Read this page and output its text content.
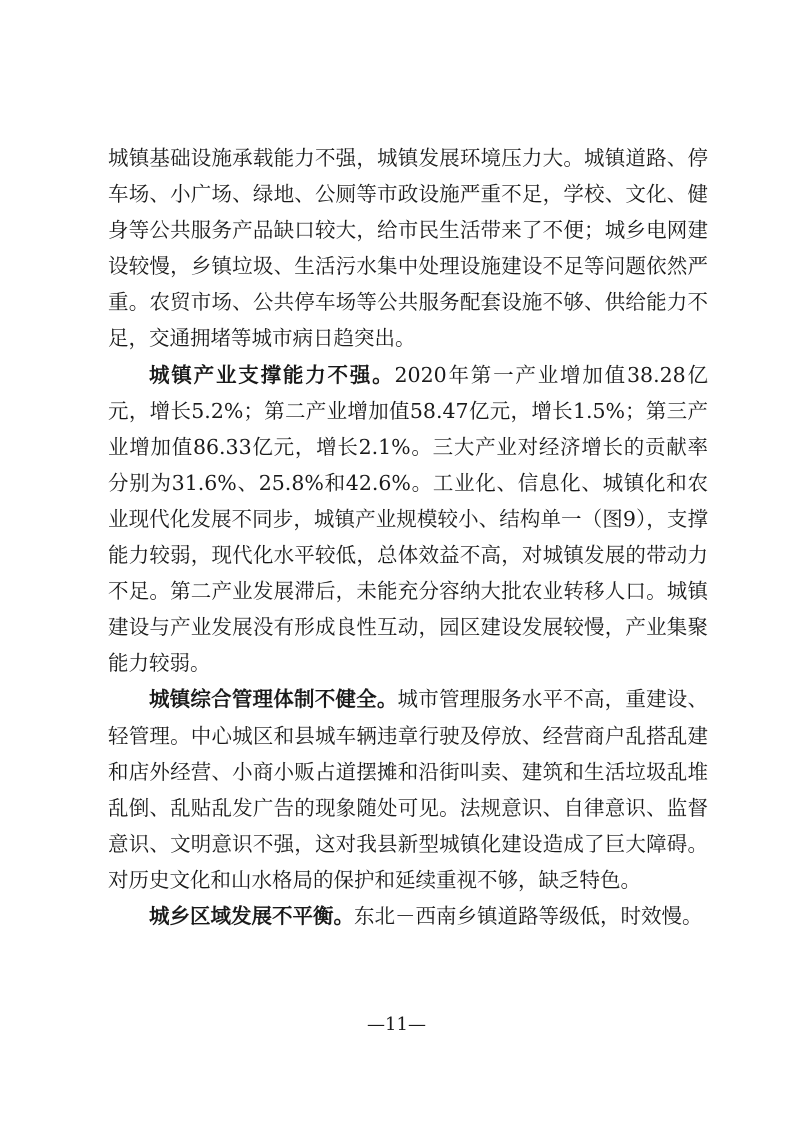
城镇基础设施承载能力不强，城镇发展环境压力大。城镇道路、停车场、小广场、绿地、公厕等市政设施严重不足，学校、文化、健身等公共服务产品缺口较大，给市民生活带来了不便；城乡电网建设较慢，乡镇垃圾、生活污水集中处理设施建设不足等问题依然严重。农贸市场、公共停车场等公共服务配套设施不够、供给能力不足，交通拥堵等城市病日趋突出。

城镇产业支撑能力不强。2020年第一产业增加值38.28亿元，增长5.2%；第二产业增加值58.47亿元，增长1.5%；第三产业增加值86.33亿元，增长2.1%。三大产业对经济增长的贡献率分别为31.6%、25.8%和42.6%。工业化、信息化、城镇化和农业现代化发展不同步，城镇产业规模较小、结构单一（图9），支撑能力较弱，现代化水平较低，总体效益不高，对城镇发展的带动力不足。第二产业发展滞后，未能充分容纳大批农业转移人口。城镇建设与产业发展没有形成良性互动，园区建设发展较慢，产业集聚能力较弱。

城镇综合管理体制不健全。城市管理服务水平不高，重建设、轻管理。中心城区和县城车辆违章行驶及停放、经营商户乱搭乱建和店外经营、小商小贩占道摆摊和沿街叫卖、建筑和生活垃圾乱堆乱倒、乱贴乱发广告的现象随处可见。法规意识、自律意识、监督意识、文明意识不强，这对我县新型城镇化建设造成了巨大障碍。对历史文化和山水格局的保护和延续重视不够，缺乏特色。

城乡区域发展不平衡。东北－西南乡镇道路等级低，时效慢。

—11—
